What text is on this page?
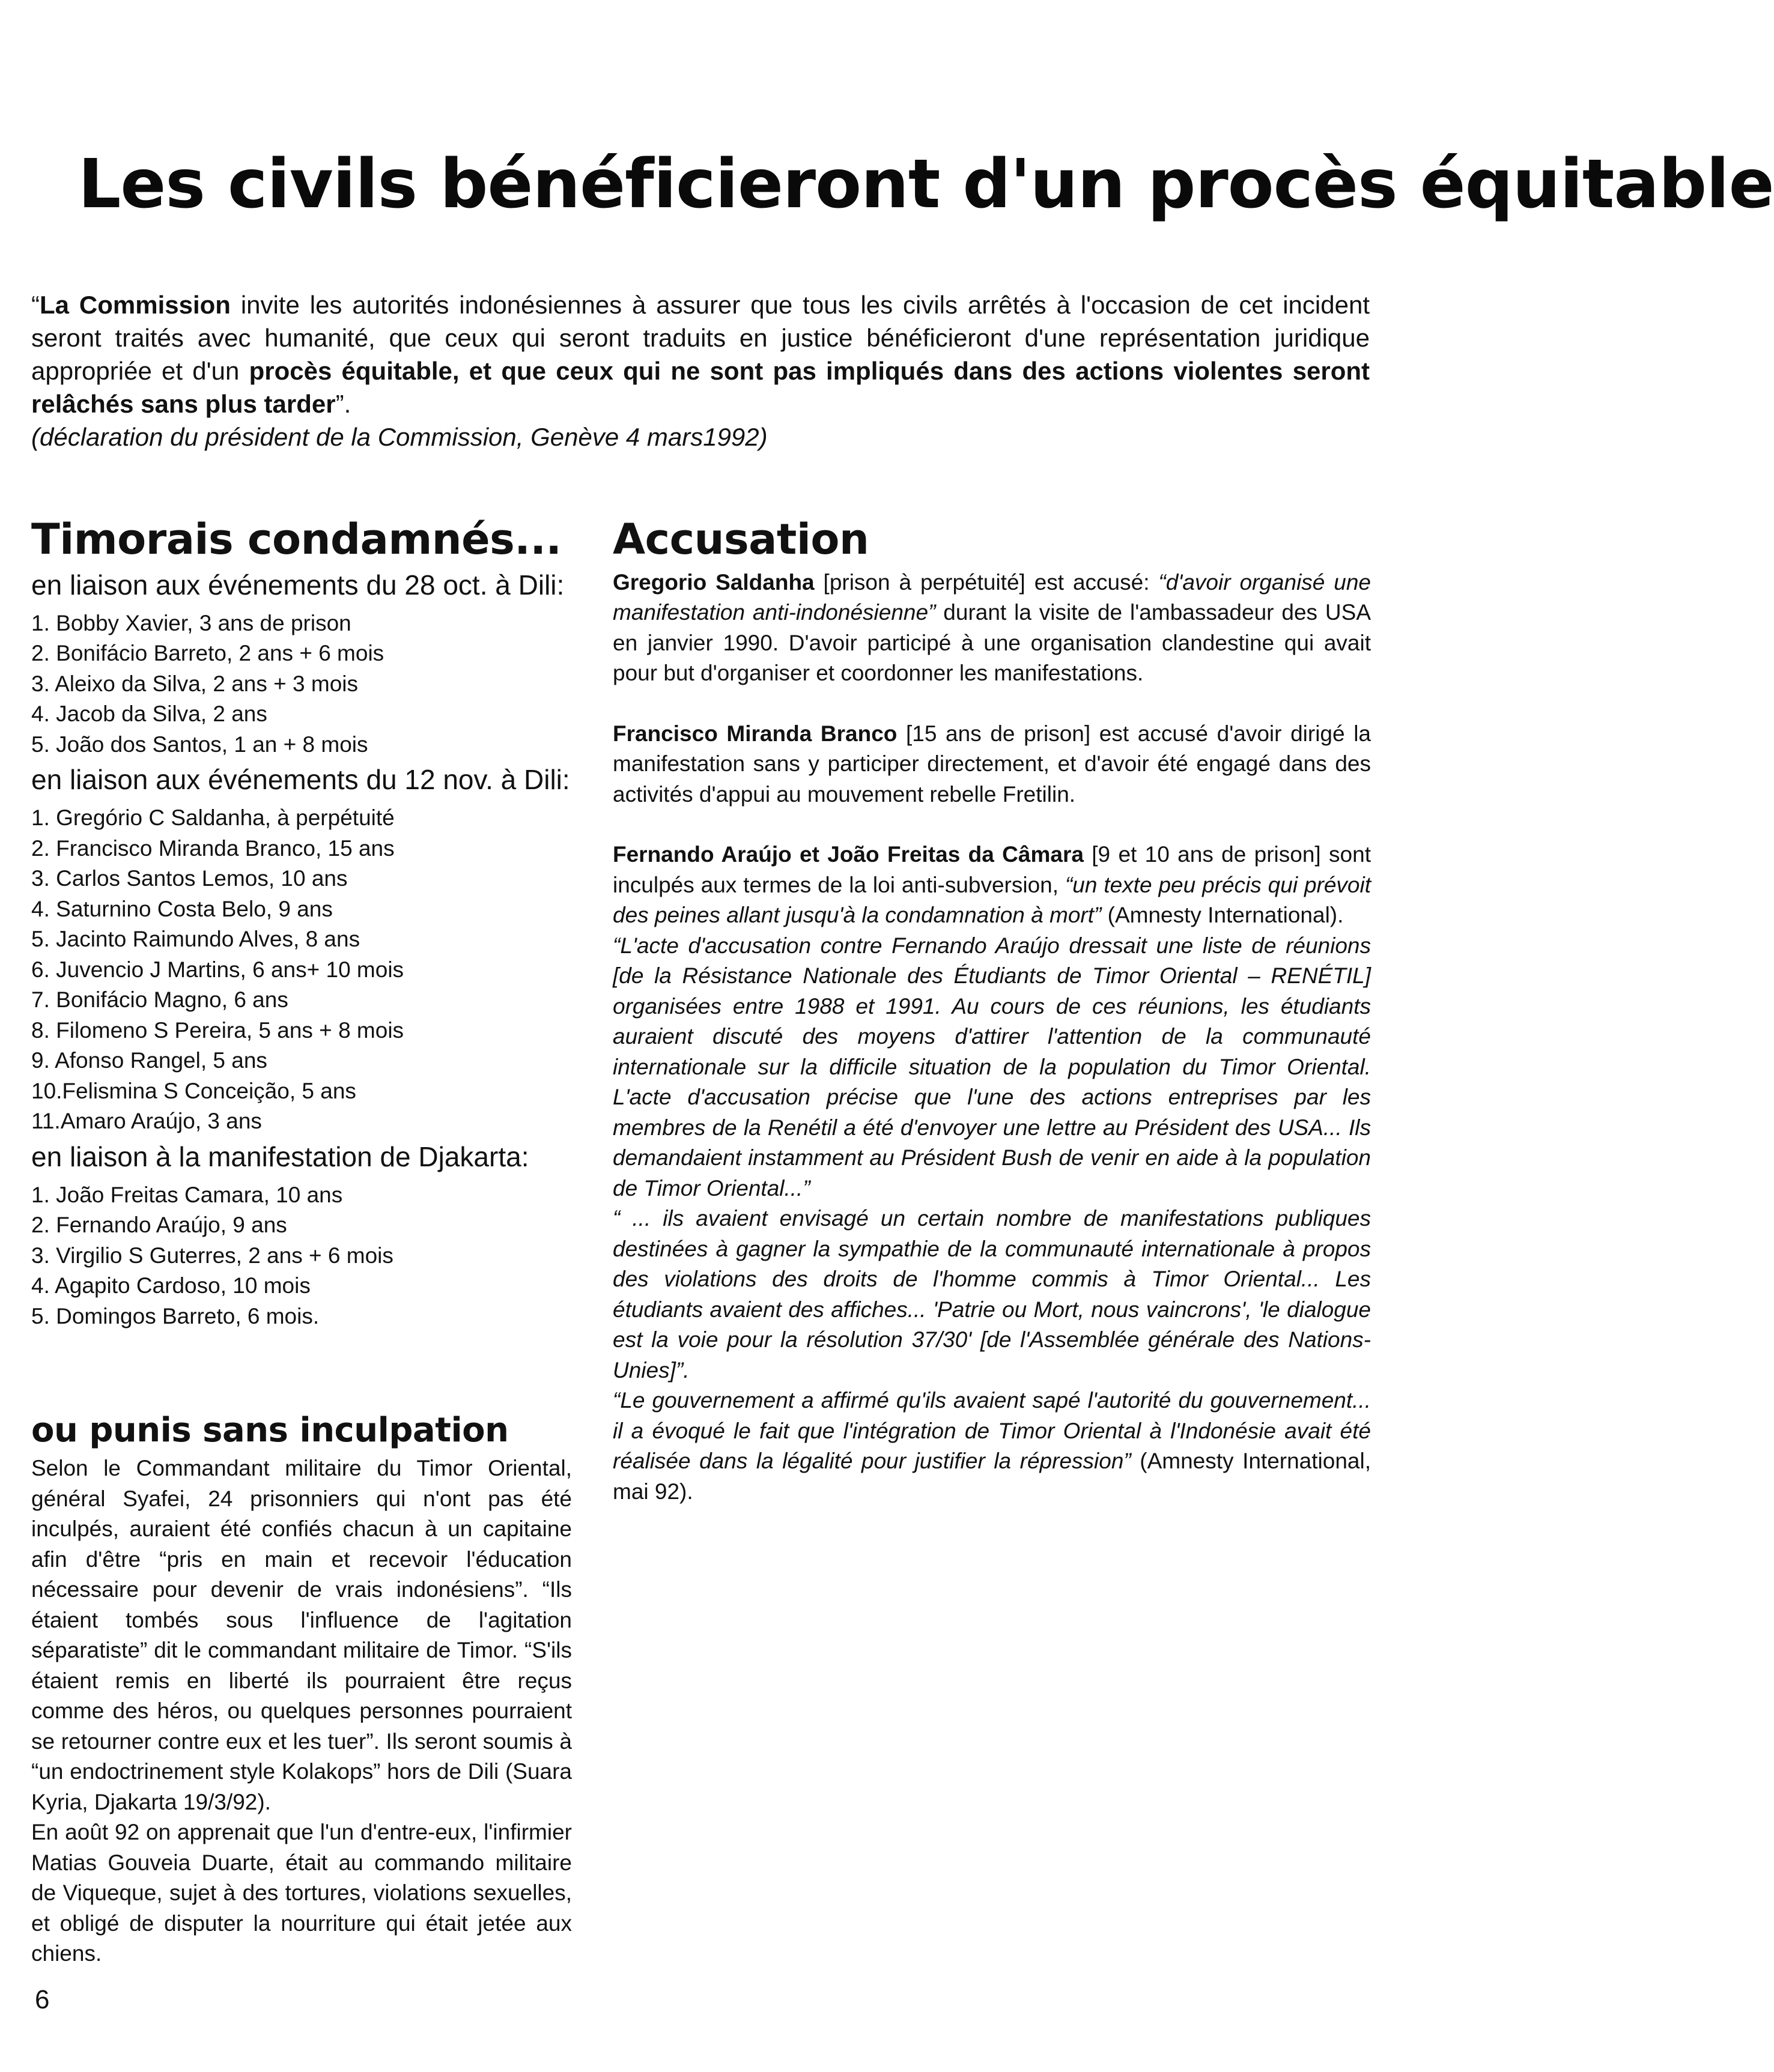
Les civils bénéficieront d'un procès équitable

“La Commission invite les autorités indonésiennes à assurer que tous les civils arrêtés à l'occasion de cet incident seront traités avec humanité, que ceux qui seront traduits en justice bénéficieront d'une représentation juridique appropriée et d'un procès équitable, et que ceux qui ne sont pas impliqués dans des actions violentes seront relâchés sans plus tarder”.

(déclaration du président de la Commission, Genève 4 mars1992)

Timorais condamnés...
en liaison aux événements du 28 oct. à Dili:
1. Bobby Xavier, 3 ans de prison
2. Bonifácio Barreto, 2 ans + 6 mois
3. Aleixo da Silva, 2 ans + 3 mois
4. Jacob da Silva, 2 ans
5. João dos Santos, 1 an + 8 mois
en liaison aux événements du 12 nov. à Dili:
1. Gregório C Saldanha, à perpétuité
2. Francisco Miranda Branco, 15 ans
3. Carlos Santos Lemos, 10 ans
4. Saturnino Costa Belo, 9 ans
5. Jacinto Raimundo Alves, 8 ans
6. Juvencio J Martins, 6 ans+ 10 mois
7. Bonifácio Magno, 6 ans
8. Filomeno S Pereira, 5 ans + 8 mois
9. Afonso Rangel, 5 ans
10.Felismina S Conceição, 5 ans
11.Amaro Araújo, 3 ans
en liaison à la manifestation de Djakarta:
1. João Freitas Camara, 10 ans
2. Fernando Araújo, 9 ans
3. Virgilio S Guterres, 2 ans + 6 mois
4. Agapito Cardoso, 10 mois
5. Domingos Barreto, 6 mois.
ou punis sans inculpation

Selon le Commandant militaire du Timor Oriental, général Syafei, 24 prisonniers qui n'ont pas été inculpés, auraient été confiés chacun à un capitaine afin d'être “pris en main et recevoir l'éducation nécessaire pour devenir de vrais indonésiens”. “Ils étaient tombés sous l'influence de l'agitation séparatiste” dit le commandant militaire de Timor. “S'ils étaient remis en liberté ils pourraient être reçus comme des héros, ou quelques personnes pourraient se retourner contre eux et les tuer”. Ils seront soumis à “un endoctrinement style Kolakops” hors de Dili (Suara Kyria, Djakarta 19/3/92).

En août 92 on apprenait que l'un d'entre-eux, l'infirmier Matias Gouveia Duarte, était au commando militaire de Viqueque, sujet à des tortures, violations sexuelles, et obligé de disputer la nourriture qui était jetée aux chiens.

Accusation

Gregorio Saldanha [prison à perpétuité] est accusé: “d'avoir organisé une manifestation anti-indonésienne” durant la visite de l'ambassadeur des USA en janvier 1990. D'avoir participé à une organisation clandestine qui avait pour but d'organiser et coordonner les manifestations.

Francisco Miranda Branco [15 ans de prison] est accusé d'avoir dirigé la manifestation sans y participer directement, et d'avoir été engagé dans des activités d'appui au mouvement rebelle Fretilin.

Fernando Araújo et João Freitas da Câmara [9 et 10 ans de prison] sont inculpés aux termes de la loi anti-subversion, “un texte peu précis qui prévoit des peines allant jusqu'à la condamnation à mort” (Amnesty International).

“L'acte d'accusation contre Fernando Araújo dressait une liste de réunions [de la Résistance Nationale des Étudiants de Timor Oriental – RENÉTIL] organisées entre 1988 et 1991. Au cours de ces réunions, les étudiants auraient discuté des moyens d'attirer l'attention de la communauté internationale sur la difficile situation de la population du Timor Oriental. L'acte d'accusation précise que l'une des actions entreprises par les membres de la Renétil a été d'envoyer une lettre au Président des USA... Ils demandaient instamment au Président Bush de venir en aide à la population de Timor Oriental...”

“ ... ils avaient envisagé un certain nombre de manifestations publiques destinées à gagner la sympathie de la communauté internationale à propos des violations des droits de l'homme commis à Timor Oriental... Les étudiants avaient des affiches... 'Patrie ou Mort, nous vaincrons', 'le dialogue est la voie pour la résolution 37/30' [de l'Assemblée générale des Nations-Unies]”.

“Le gouvernement a affirmé qu'ils avaient sapé l'autorité du gouvernement... il a évoqué le fait que l'intégration de Timor Oriental à l'Indonésie avait été réalisée dans la légalité pour justifier la répression” (Amnesty International, mai 92).

6
